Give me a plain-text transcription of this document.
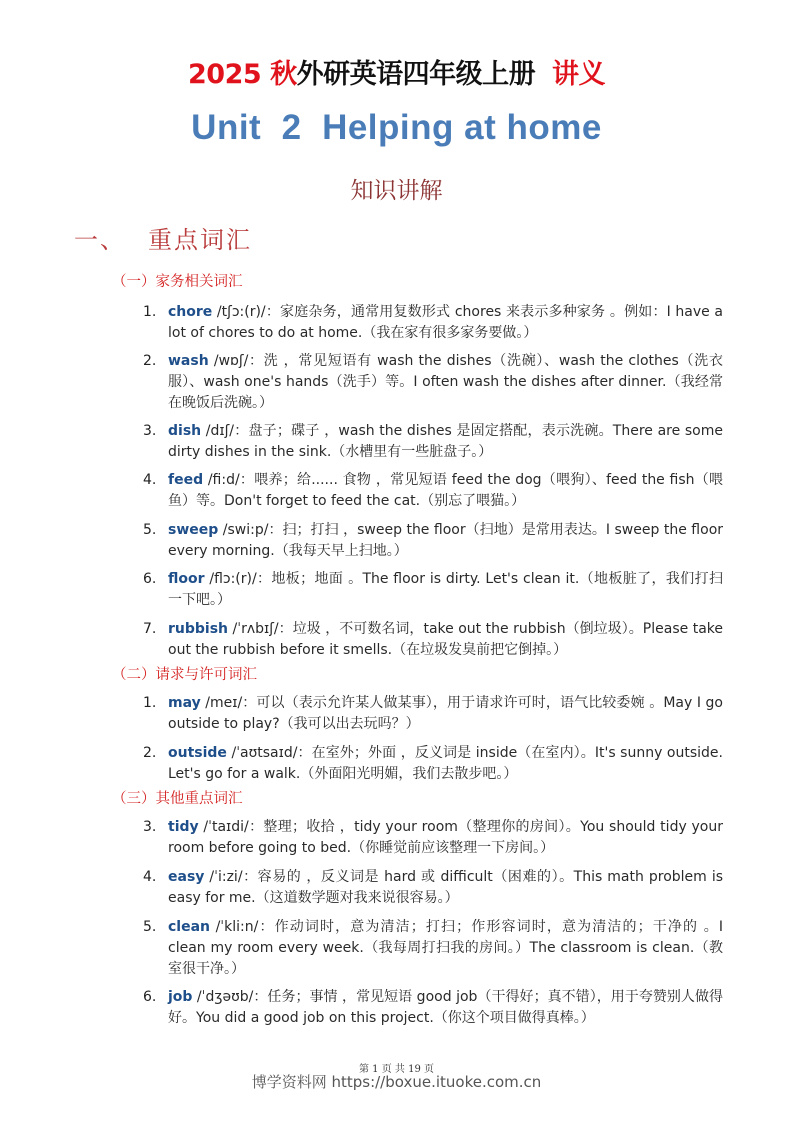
2025 秋外研英语四年级上册 讲义
Unit  2  Helping at home
知识讲解
一、 重点词汇
（一）家务相关词汇
1. chore /tʃɔ:(r)/：家庭杂务，通常用复数形式 chores 来表示多种家务 。例如：I have a lot of chores to do at home.（我在家有很多家务要做。）
2. wash /wɒʃ/：洗 ，常见短语有 wash the dishes（洗碗）、wash the clothes（洗衣服）、wash one's hands（洗手）等。I often wash the dishes after dinner.（我经常在晚饭后洗碗。）
3. dish /dɪʃ/：盘子；碟子 ，wash the dishes 是固定搭配，表示洗碗。There are some dirty dishes in the sink.（水槽里有一些脏盘子。）
4. feed /fi:d/：喂养；给...... 食物 ，常见短语 feed the dog（喂狗）、feed the fish（喂鱼）等。Don't forget to feed the cat.（别忘了喂猫。）
5. sweep /swi:p/：扫；打扫 ，sweep the floor（扫地）是常用表达。I sweep the floor every morning.（我每天早上扫地。）
6. floor /flɔ:(r)/：地板；地面 。The floor is dirty. Let's clean it.（地板脏了，我们打扫一下吧。）
7. rubbish /ˈrʌbɪʃ/：垃圾 ，不可数名词，take out the rubbish（倒垃圾）。Please take out the rubbish before it smells.（在垃圾发臭前把它倒掉。）
（二）请求与许可词汇
1. may /meɪ/：可以（表示允许某人做某事），用于请求许可时，语气比较委婉 。May I go outside to play?（我可以出去玩吗？）
2. outside /ˈaʊtsaɪd/：在室外；外面 ，反义词是 inside（在室内）。It's sunny outside. Let's go for a walk.（外面阳光明媚，我们去散步吧。）
（三）其他重点词汇
3. tidy /ˈtaɪdi/：整理；收拾 ，tidy your room（整理你的房间）。You should tidy your room before going to bed.（你睡觉前应该整理一下房间。）
4. easy /ˈi:zi/：容易的 ，反义词是 hard 或 difficult（困难的）。This math problem is easy for me.（这道数学题对我来说很容易。）
5. clean /ˈkli:n/：作动词时，意为清洁；打扫；作形容词时，意为清洁的；干净的 。I clean my room every week.（我每周打扫我的房间。）The classroom is clean.（教室很干净。）
6. job /ˈdʒəʊb/：任务；事情 ，常见短语 good job（干得好；真不错），用于夸赞别人做得好。You did a good job on this project.（你这个项目做得真棒。）
第 1 页 共 19 页
博学资料网 https://boxue.ituoke.com.cn
